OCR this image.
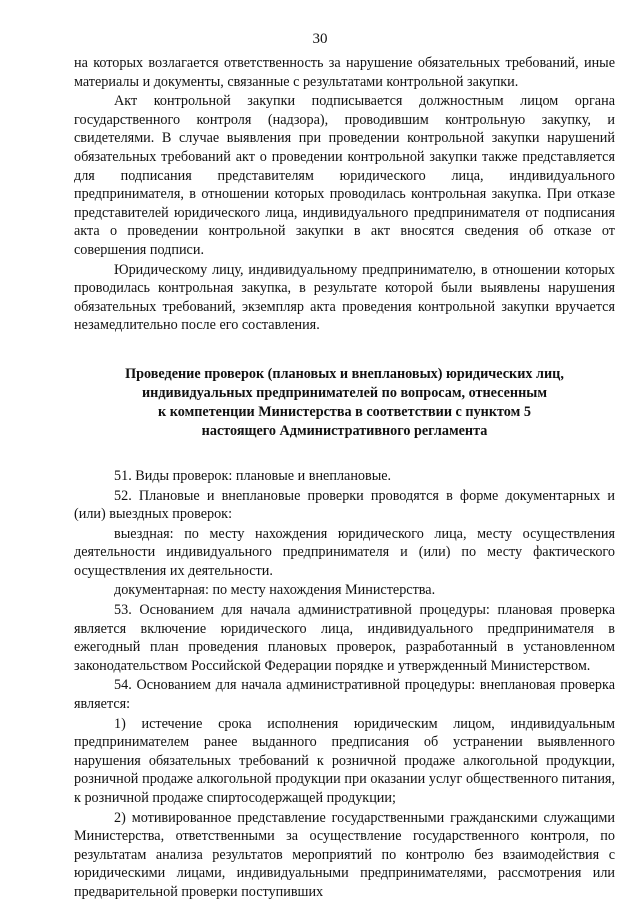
30

на которых возлагается ответственность за нарушение обязательных требований, иные материалы и документы, связанные с результатами контрольной закупки.

Акт контрольной закупки подписывается должностным лицом органа государственного контроля (надзора), проводившим контрольную закупку, и свидетелями. В случае выявления при проведении контрольной закупки нарушений обязательных требований акт о проведении контрольной закупки также представляется для подписания представителям юридического лица, индивидуального предпринимателя, в отношении которых проводилась контрольная закупка. При отказе представителей юридического лица, индивидуального предпринимателя от подписания акта о проведении контрольной закупки в акт вносятся сведения об отказе от совершения подписи.

Юридическому лицу, индивидуальному предпринимателю, в отношении которых проводилась контрольная закупка, в результате которой были выявлены нарушения обязательных требований, экземпляр акта проведения контрольной закупки вручается незамедлительно после его составления.

Проведение проверок (плановых и внеплановых) юридических лиц,
индивидуальных предпринимателей по вопросам, отнесенным
к компетенции Министерства в соответствии с пунктом 5
настоящего Административного регламента

51. Виды проверок: плановые и внеплановые.

52. Плановые и внеплановые проверки проводятся в форме документарных и (или) выездных проверок:

выездная: по месту нахождения юридического лица, месту осуществления деятельности индивидуального предпринимателя и (или) по месту фактического осуществления их деятельности.

документарная: по месту нахождения Министерства.

53. Основанием для начала административной процедуры: плановая проверка является включение юридического лица, индивидуального предпринимателя в ежегодный план проведения плановых проверок, разработанный в установленном законодательством Российской Федерации порядке и утвержденный Министерством.

54. Основанием для начала административной процедуры: внеплановая проверка является:

1) истечение срока исполнения юридическим лицом, индивидуальным предпринимателем ранее выданного предписания об устранении выявленного нарушения обязательных требований к розничной продаже алкогольной продукции, розничной продаже алкогольной продукции при оказании услуг общественного питания, к розничной продаже спиртосодержащей продукции;

2) мотивированное представление государственными гражданскими служащими Министерства, ответственными за осуществление государственного контроля, по результатам анализа результатов мероприятий по контролю без взаимодействия с юридическими лицами, индивидуальными предпринимателями, рассмотрения или предварительной проверки поступивших
